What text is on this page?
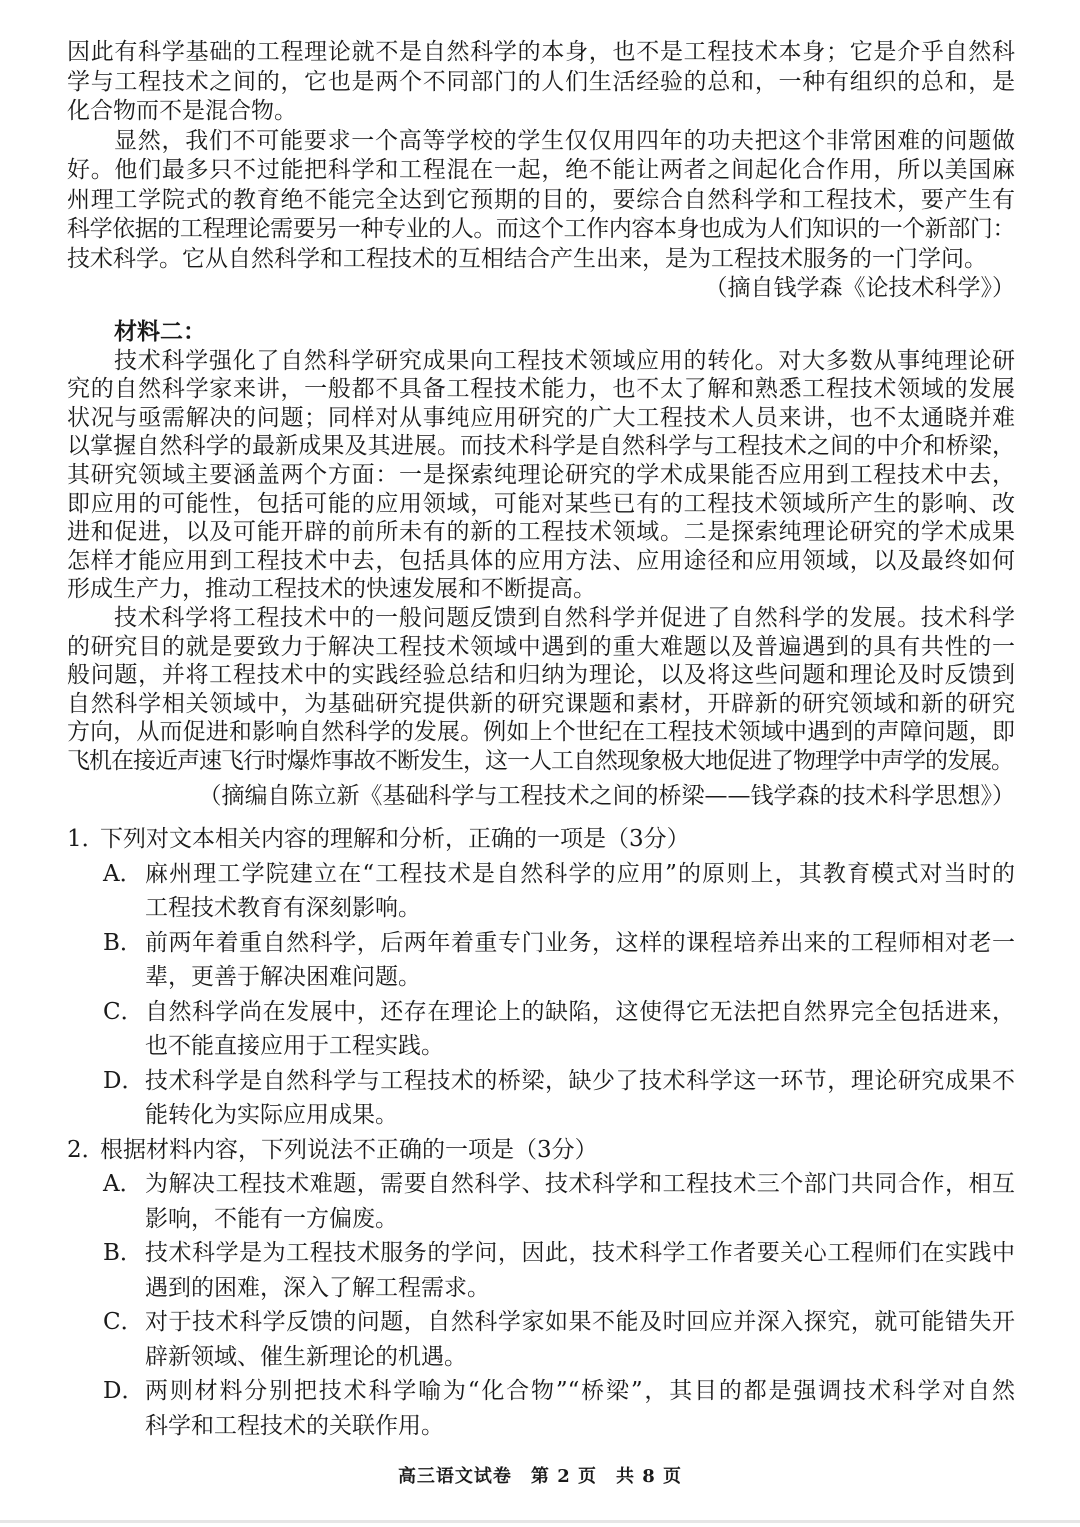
因此有科学基础的工程理论就不是自然科学的本身，也不是工程技术本身；它是介乎自然科
学与工程技术之间的，它也是两个不同部门的人们生活经验的总和，一种有组织的总和，是
化合物而不是混合物。
显然，我们不可能要求一个高等学校的学生仅仅用四年的功夫把这个非常困难的问题做
好。他们最多只不过能把科学和工程混在一起，绝不能让两者之间起化合作用，所以美国麻
州理工学院式的教育绝不能完全达到它预期的目的，要综合自然科学和工程技术，要产生有
科学依据的工程理论需要另一种专业的人。而这个工作内容本身也成为人们知识的一个新部门：
技术科学。它从自然科学和工程技术的互相结合产生出来，是为工程技术服务的一门学问。
（摘自钱学森《论技术科学》）
材料二：
技术科学强化了自然科学研究成果向工程技术领域应用的转化。对大多数从事纯理论研
究的自然科学家来讲，一般都不具备工程技术能力，也不太了解和熟悉工程技术领域的发展
状况与亟需解决的问题；同样对从事纯应用研究的广大工程技术人员来讲，也不太通晓并难
以掌握自然科学的最新成果及其进展。而技术科学是自然科学与工程技术之间的中介和桥梁，
其研究领域主要涵盖两个方面：一是探索纯理论研究的学术成果能否应用到工程技术中去，
即应用的可能性，包括可能的应用领域，可能对某些已有的工程技术领域所产生的影响、改
进和促进，以及可能开辟的前所未有的新的工程技术领域。二是探索纯理论研究的学术成果
怎样才能应用到工程技术中去，包括具体的应用方法、应用途径和应用领域，以及最终如何
形成生产力，推动工程技术的快速发展和不断提高。
技术科学将工程技术中的一般问题反馈到自然科学并促进了自然科学的发展。技术科学
的研究目的就是要致力于解决工程技术领域中遇到的重大难题以及普遍遇到的具有共性的一
般问题，并将工程技术中的实践经验总结和归纳为理论，以及将这些问题和理论及时反馈到
自然科学相关领域中，为基础研究提供新的研究课题和素材，开辟新的研究领域和新的研究
方向，从而促进和影响自然科学的发展。例如上个世纪在工程技术领域中遇到的声障问题，即
飞机在接近声速飞行时爆炸事故不断发生，这一人工自然现象极大地促进了物理学中声学的发展。
（摘编自陈立新《基础科学与工程技术之间的桥梁——钱学森的技术科学思想》）
1．
下列对文本相关内容的理解和分析，正确的一项是（3分）
A． 麻州理工学院建立在“工程技术是自然科学的应用”的原则上，其教育模式对当时的
工程技术教育有深刻影响。
B． 前两年着重自然科学，后两年着重专门业务，这样的课程培养出来的工程师相对老一
辈，更善于解决困难问题。
C． 自然科学尚在发展中，还存在理论上的缺陷，这使得它无法把自然界完全包括进来，
也不能直接应用于工程实践。
D． 技术科学是自然科学与工程技术的桥梁，缺少了技术科学这一环节，理论研究成果不
能转化为实际应用成果。
2．
根据材料内容，下列说法不正确的一项是（3分）
A． 为解决工程技术难题，需要自然科学、技术科学和工程技术三个部门共同合作，相互
影响，不能有一方偏废。
B． 技术科学是为工程技术服务的学问，因此，技术科学工作者要关心工程师们在实践中
遇到的困难，深入了解工程需求。
C． 对于技术科学反馈的问题，自然科学家如果不能及时回应并深入探究，就可能错失开
辟新领域、催生新理论的机遇。
D． 两则材料分别把技术科学喻为“化合物”“桥梁”，其目的都是强调技术科学对自然
科学和工程技术的关联作用。
高三语文试卷　第 2 页　共 8 页
